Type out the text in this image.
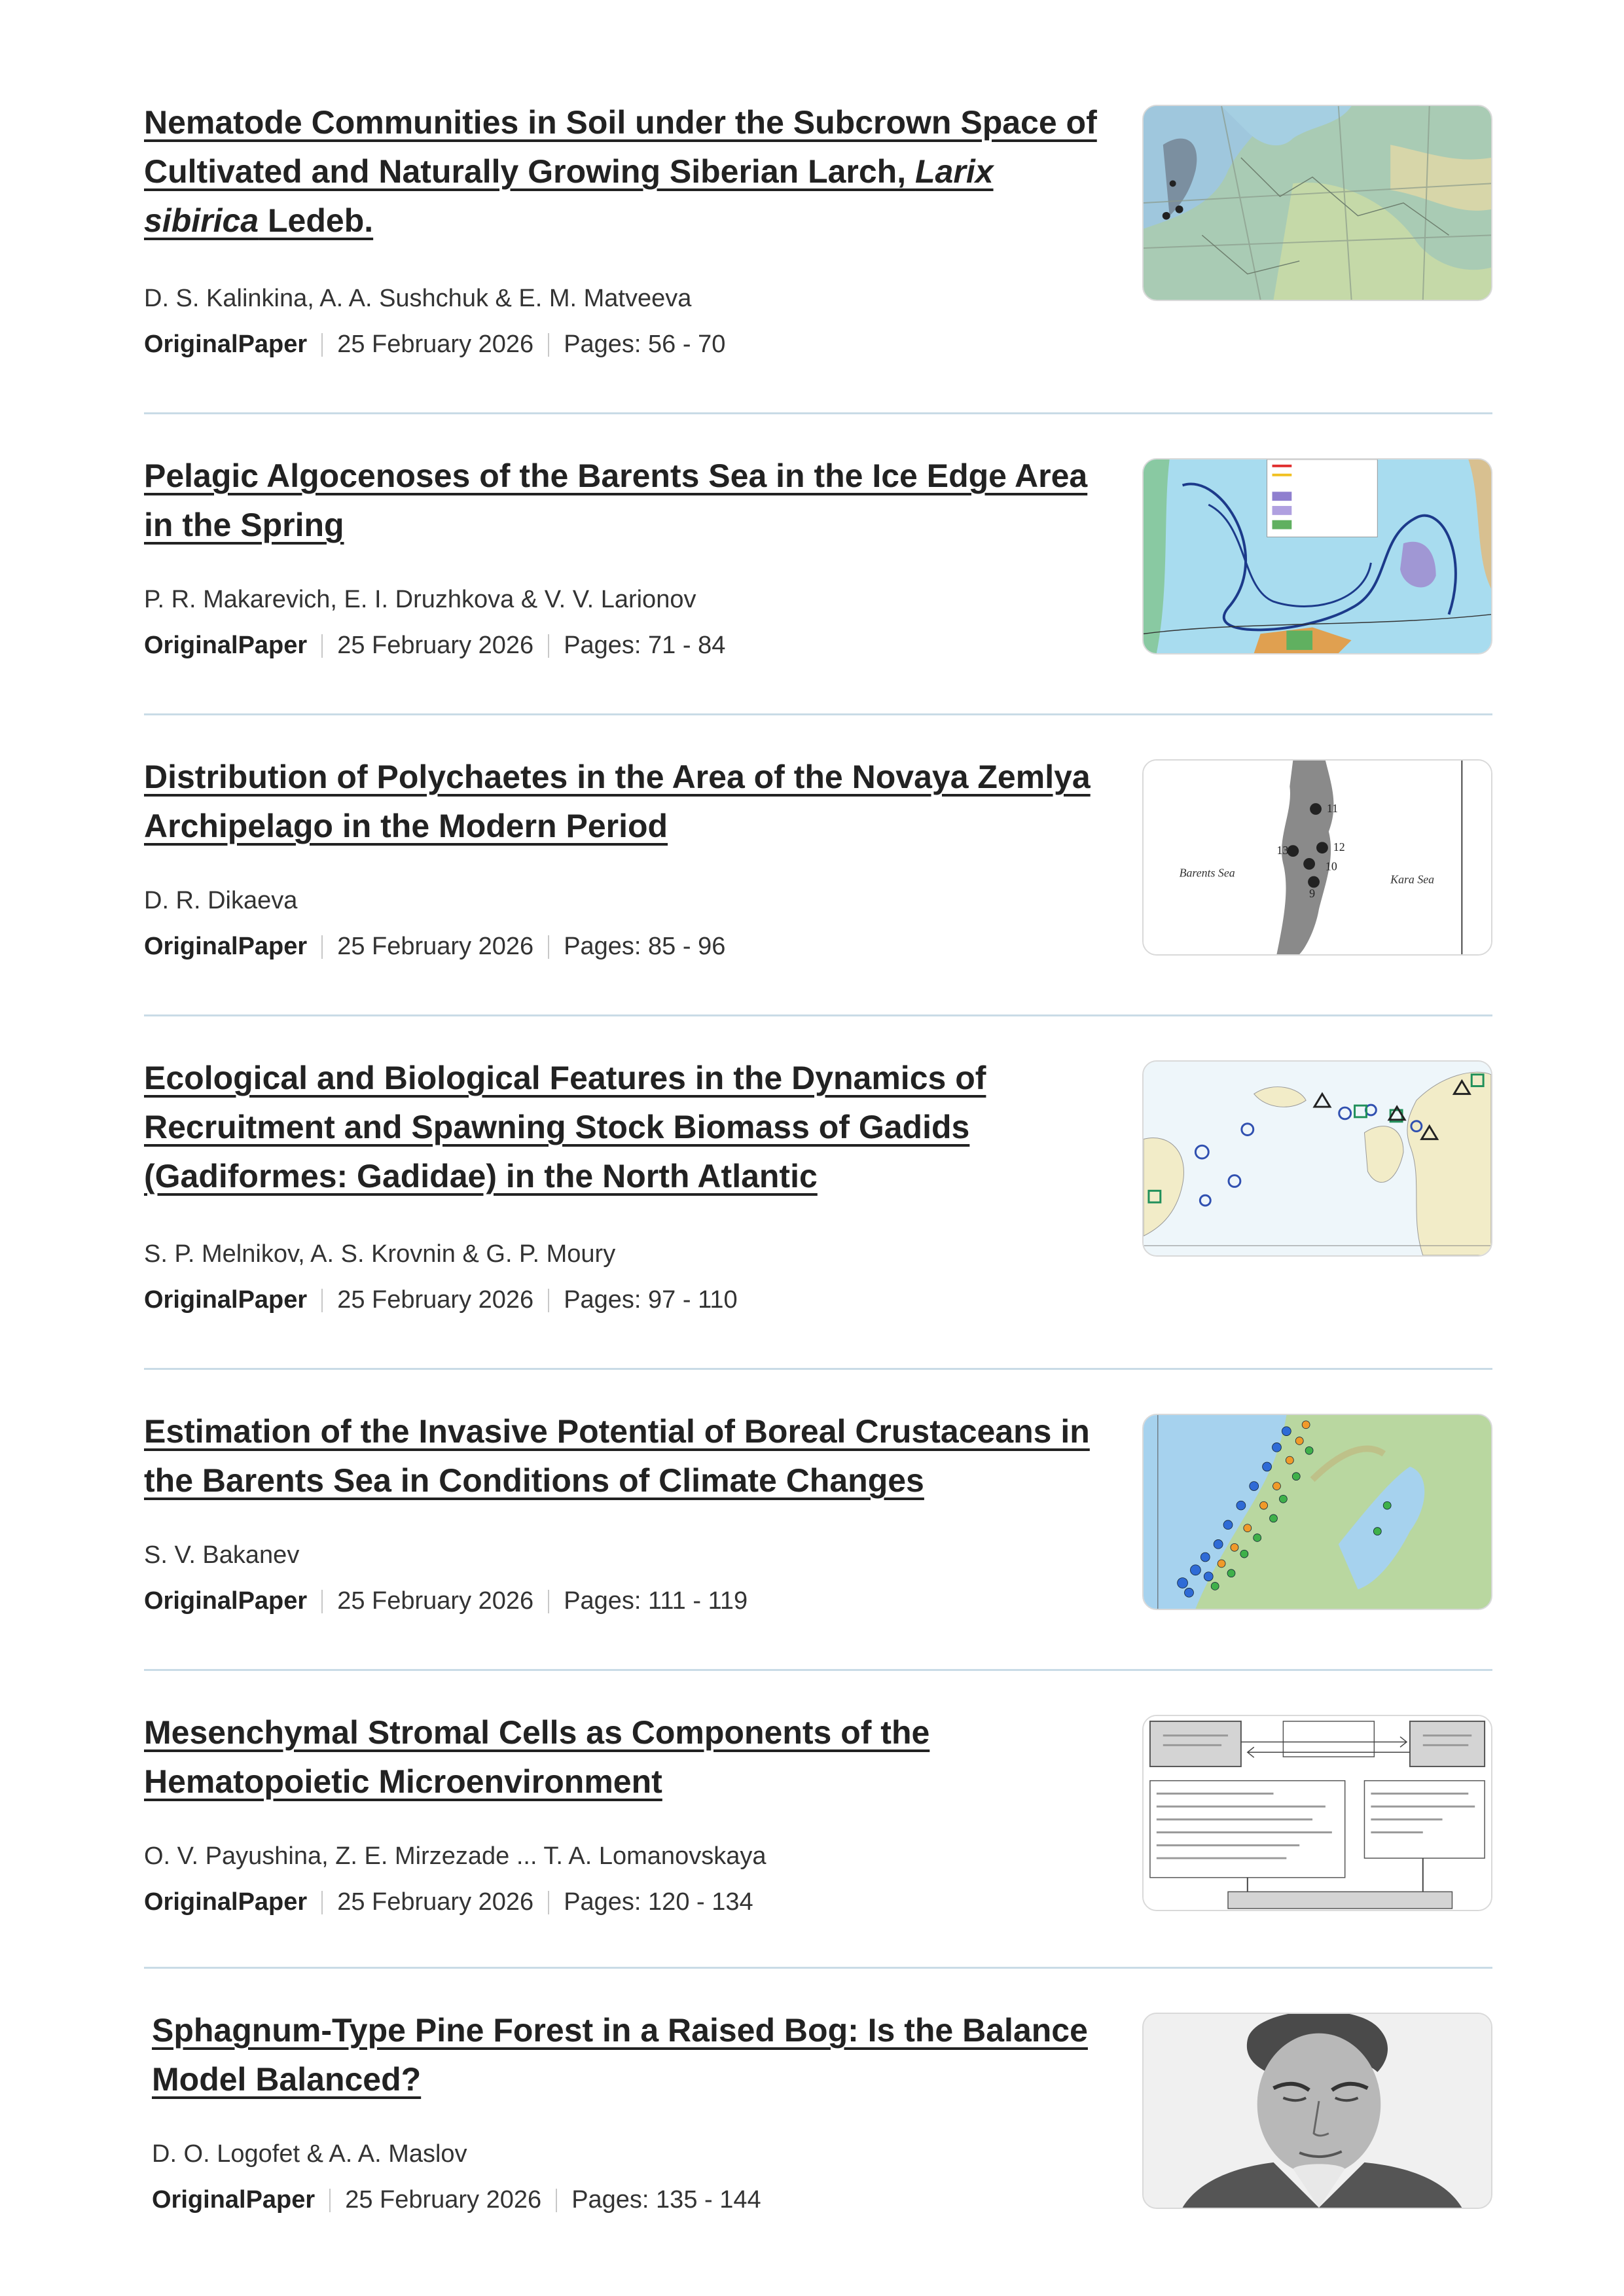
Nematode Communities in Soil under the Subcrown Space of Cultivated and Naturally Growing Siberian Larch, Larix sibirica Ledeb.
D. S. Kalinkina, A. A. Sushchuk & E. M. Matveeva
OriginalPaper 25 February 2026 Pages: 56 - 70
Pelagic Algocenoses of the Barents Sea in the Ice Edge Area in the Spring
P. R. Makarevich, E. I. Druzhkova & V. V. Larionov
OriginalPaper 25 February 2026 Pages: 71 - 84
Distribution of Polychaetes in the Area of the Novaya Zemlya Archipelago in the Modern Period
D. R. Dikaeva
OriginalPaper 25 February 2026 Pages: 85 - 96
11
12
13
10
9
Barents Sea	Kara Sea
Ecological and Biological Features in the Dynamics of Recruitment and Spawning Stock Biomass of Gadids (Gadiformes: Gadidae) in the North Atlantic
S. P. Melnikov, A. S. Krovnin & G. P. Moury
OriginalPaper 25 February 2026 Pages: 97 - 110
Estimation of the Invasive Potential of Boreal Crustaceans in the Barents Sea in Conditions of Climate Changes
S. V. Bakanev
OriginalPaper 25 February 2026 Pages: 111 - 119
Mesenchymal Stromal Cells as Components of the Hematopoietic Microenvironment
O. V. Payushina, Z. E. Mirzezade ... T. A. Lomanovskaya
OriginalPaper 25 February 2026 Pages: 120 - 134
Sphagnum-Type Pine Forest in a Raised Bog: Is the Balance Model Balanced?
D. O. Logofet & A. A. Maslov
OriginalPaper 25 February 2026 Pages: 135 - 144
